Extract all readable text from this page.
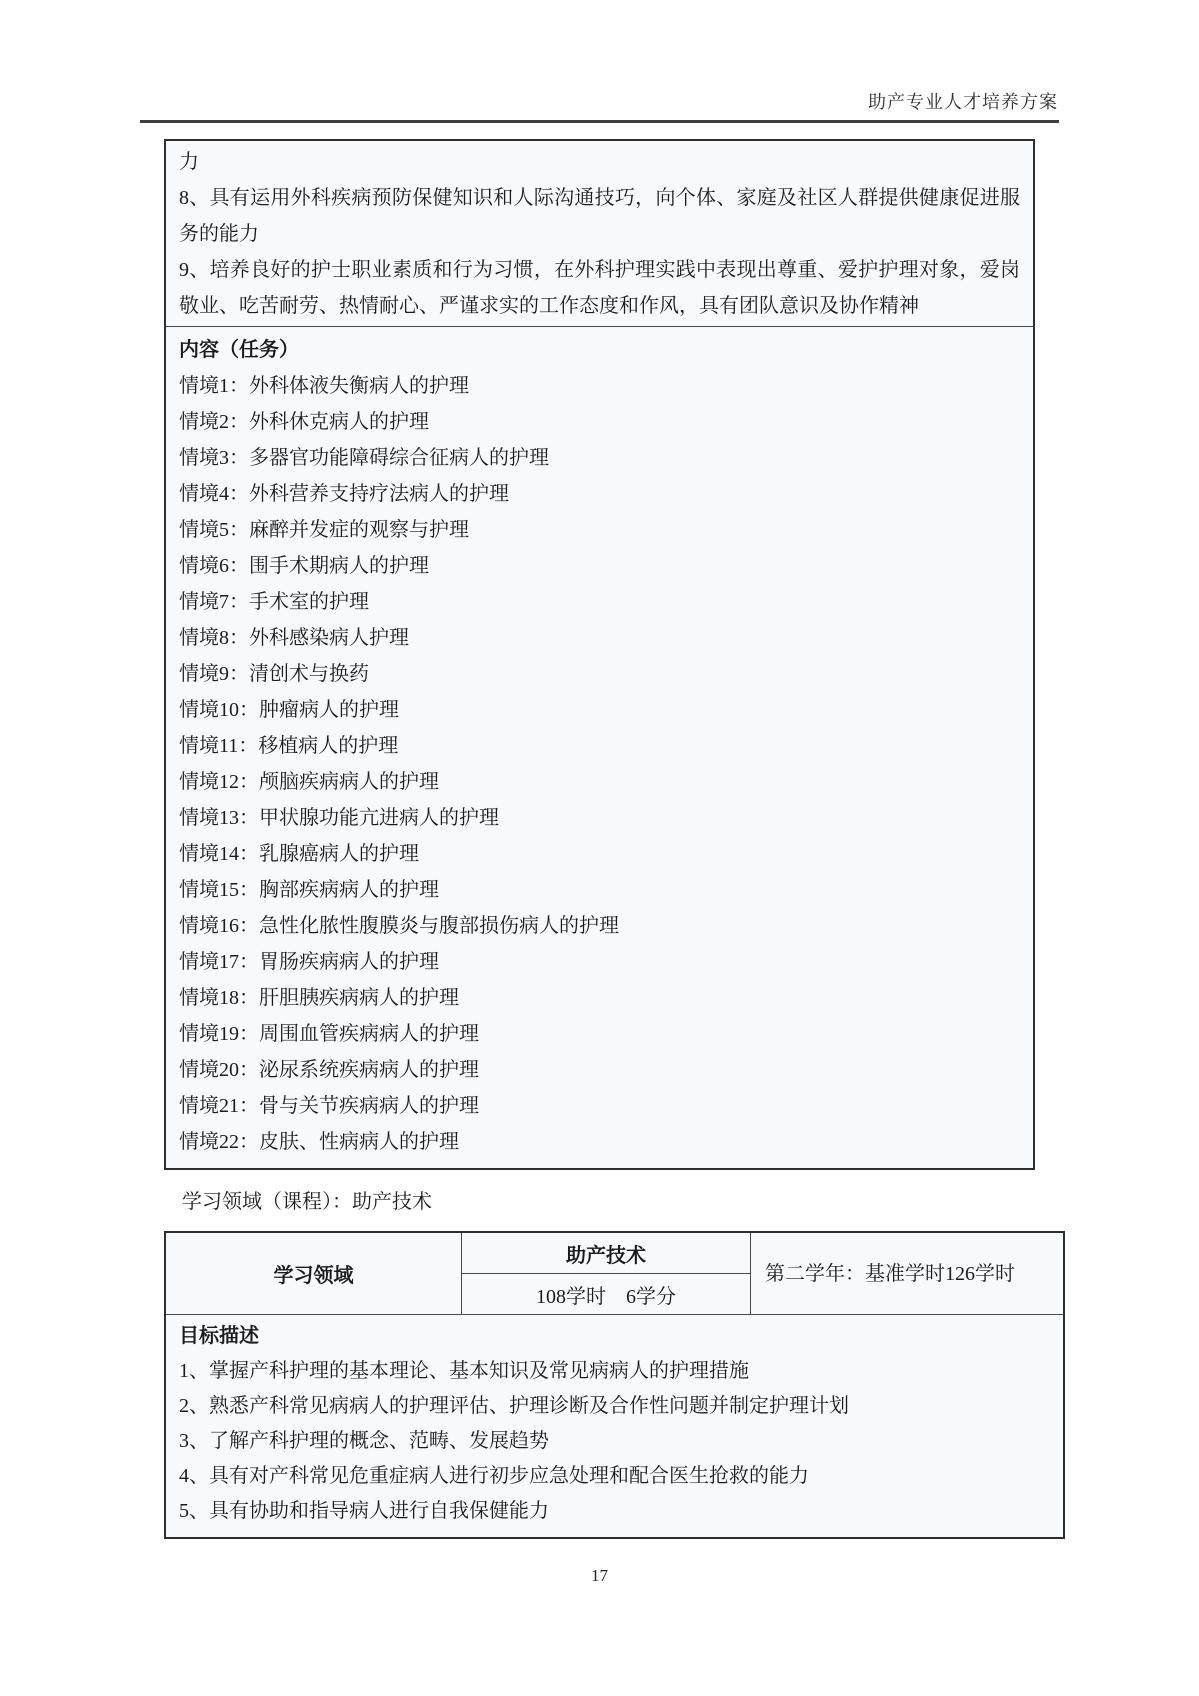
助产专业人才培养方案

力

8、具有运用外科疾病预防保健知识和人际沟通技巧，向个体、家庭及社区人群提供健康促进服务的能力

9、培养良好的护士职业素质和行为习惯，在外科护理实践中表现出尊重、爱护护理对象，爱岗敬业、吃苦耐劳、热情耐心、严谨求实的工作态度和作风，具有团队意识及协作精神

内容（任务）

情境1：外科体液失衡病人的护理

情境2：外科休克病人的护理

情境3：多器官功能障碍综合征病人的护理

情境4：外科营养支持疗法病人的护理

情境5：麻醉并发症的观察与护理

情境6：围手术期病人的护理

情境7：手术室的护理

情境8：外科感染病人护理

情境9：清创术与换药

情境10：肿瘤病人的护理

情境11：移植病人的护理

情境12：颅脑疾病病人的护理

情境13：甲状腺功能亢进病人的护理

情境14：乳腺癌病人的护理

情境15：胸部疾病病人的护理

情境16：急性化脓性腹膜炎与腹部损伤病人的护理

情境17：胃肠疾病病人的护理

情境18：肝胆胰疾病病人的护理

情境19：周围血管疾病病人的护理

情境20：泌尿系统疾病病人的护理

情境21：骨与关节疾病病人的护理

情境22：皮肤、性病病人的护理

学习领域（课程）：助产技术
学习领域	助产技术	第二学年：基准学时126学时
108学时　6学分

目标描述

1、掌握产科护理的基本理论、基本知识及常见病病人的护理措施

2、熟悉产科常见病病人的护理评估、护理诊断及合作性问题并制定护理计划

3、了解产科护理的概念、范畴、发展趋势

4、具有对产科常见危重症病人进行初步应急处理和配合医生抢救的能力

5、具有协助和指导病人进行自我保健能力

17
